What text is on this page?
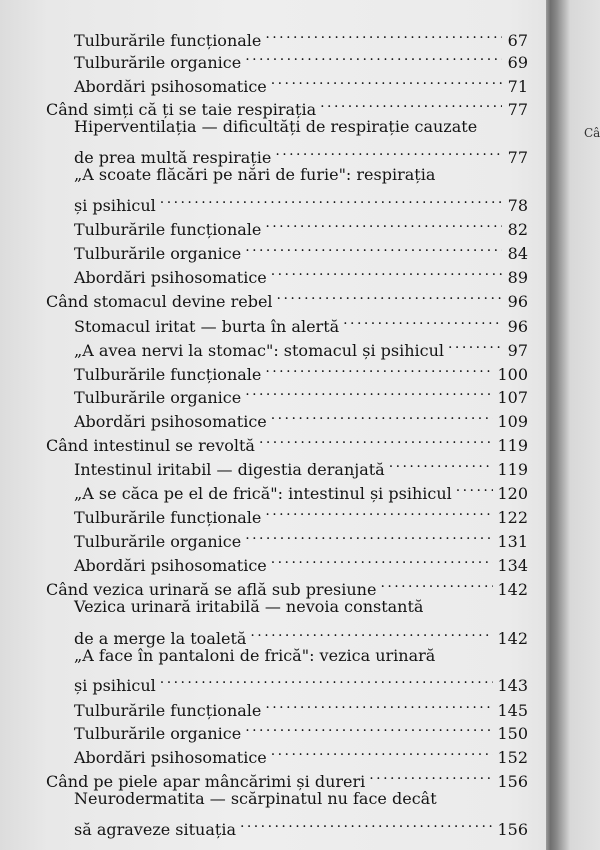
Tulburările funcționale . . .	67
Tulburările organice . . .	69
Abordări psihosomatice . . .	71
Când simți că ți se taie respirația . . .	77
Hiperventilația — dificultăți de respirație cauzate
de prea multă respirație . . .	77
„A scoate flăcări pe nări de furie": respirația
și psihicul . . .	78
Tulburările funcționale . . .	82
Tulburările organice . . .	84
Abordări psihosomatice . . .	89
Când stomacul devine rebel . . .	96
Stomacul iritat — burta în alertă . . .	96
„A avea nervi la stomac": stomacul și psihicul . . .	97
Tulburările funcționale . . .	100
Tulburările organice . . .	107
Abordări psihosomatice . . .	109
Când intestinul se revoltă . . .	119
Intestinul iritabil — digestia deranjată . . .	119
„A se căca pe el de frică": intestinul și psihicul . . .	120
Tulburările funcționale . . .	122
Tulburările organice . . .	131
Abordări psihosomatice . . .	134
Când vezica urinară se află sub presiune . . .	142
Vezica urinară iritabilă — nevoia constantă
de a merge la toaletă . . .	142
„A face în pantaloni de frică": vezica urinară
și psihicul . . .	143
Tulburările funcționale . . .	145
Tulburările organice . . .	150
Abordări psihosomatice . . .	152
Când pe piele apar mâncărimi și dureri . . .	156
Neurodermatita — scărpinatul nu face decât
să agraveze situația . . .	156
Câ
